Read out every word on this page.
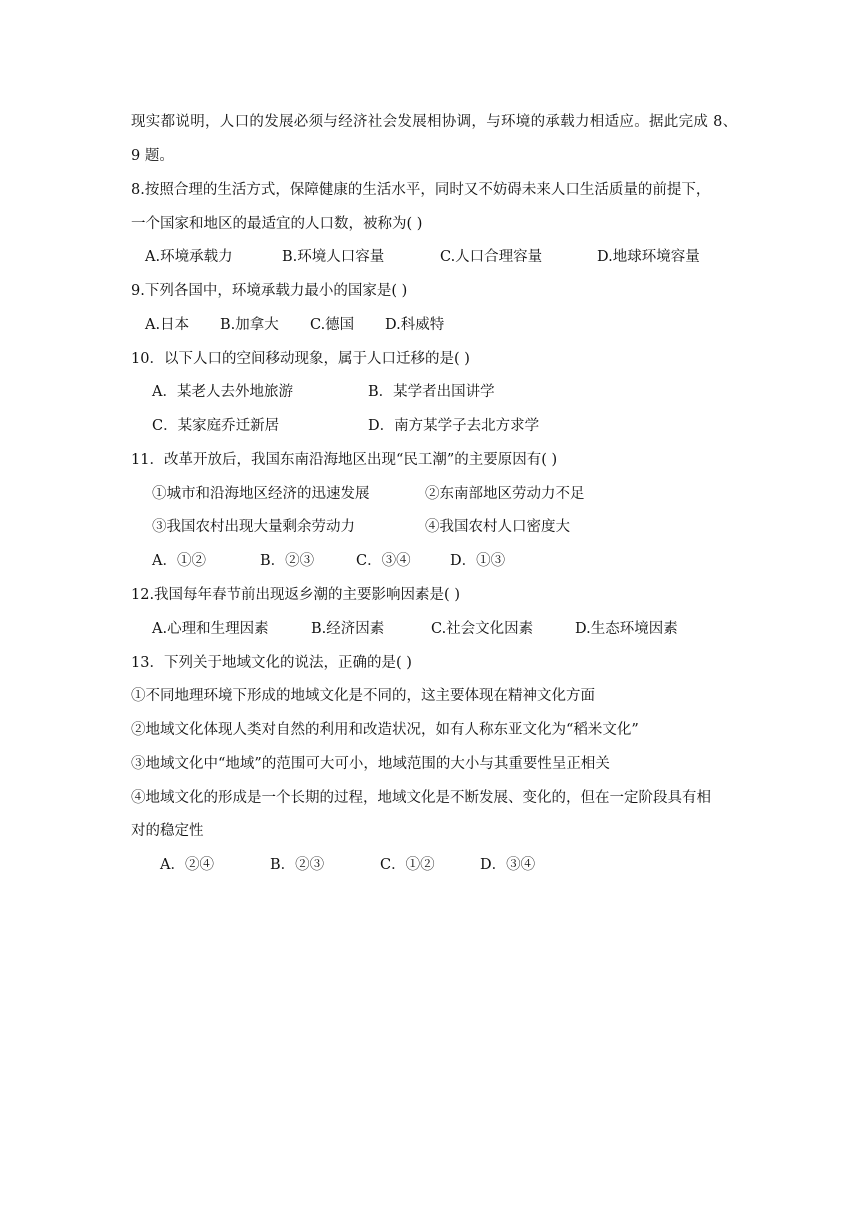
现实都说明，人口的发展必须与经济社会发展相协调，与环境的承载力相适应。据此完成 8、
9 题。
8.按照合理的生活方式，保障健康的生活水平，同时又不妨碍未来人口生活质量的前提下，
一个国家和地区的最适宜的人口数，被称为( )
A.环境承载力	B.环境人口容量	C.人口合理容量	D.地球环境容量
9.下列各国中，环境承载力最小的国家是( )
A.日本 B.加拿大 C.德国 D.科威特
10．以下人口的空间移动现象，属于人口迁移的是( )
A．某老人去外地旅游	B．某学者出国讲学
C．某家庭乔迁新居	D．南方某学子去北方求学
11．改革开放后，我国东南沿海地区出现“民工潮”的主要原因有( )
①城市和沿海地区经济的迅速发展	②东南部地区劳动力不足
③我国农村出现大量剩余劳动力	④我国农村人口密度大
A．①②	B．②③	C．③④	D．①③
12.我国每年春节前出现返乡潮的主要影响因素是( )
A.心理和生理因素	B.经济因素	C.社会文化因素	D.生态环境因素
13．下列关于地域文化的说法，正确的是( )
①不同地理环境下形成的地域文化是不同的，这主要体现在精神文化方面
②地域文化体现人类对自然的利用和改造状况，如有人称东亚文化为“稻米文化”
③地域文化中“地域”的范围可大可小，地域范围的大小与其重要性呈正相关
④地域文化的形成是一个长期的过程，地域文化是不断发展、变化的，但在一定阶段具有相
对的稳定性
A．②④	B．②③	C．①②	D．③④
